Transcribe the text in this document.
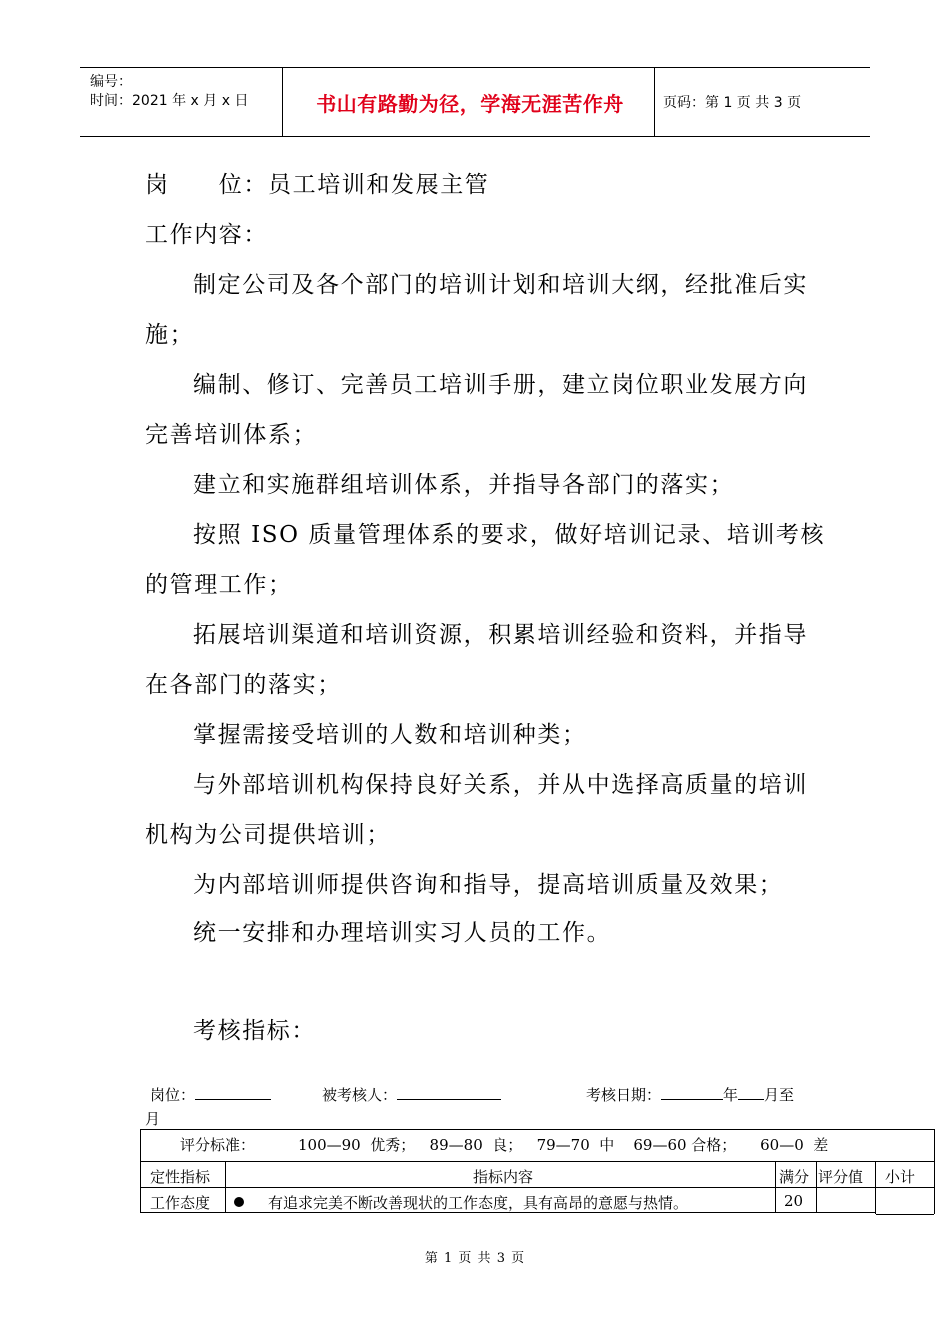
编号：
时间：2021 年 x 月 x 日	书山有路勤为径，学海无涯苦作舟	页码：第 1 页 共 3 页
岗　　位：员工培训和发展主管
工作内容：
制定公司及各个部门的培训计划和培训大纲，经批准后实
施；
编制、修订、完善员工培训手册，建立岗位职业发展方向
完善培训体系；
建立和实施群组培训体系，并指导各部门的落实；
按照 ISO 质量管理体系的要求，做好培训记录、培训考核
的管理工作；
拓展培训渠道和培训资源，积累培训经验和资料，并指导
在各部门的落实；
掌握需接受培训的人数和培训种类；
与外部培训机构保持良好关系，并从中选择高质量的培训
机构为公司提供培训；
为内部培训师提供咨询和指导，提高培训质量及效果；
统一安排和办理培训实习人员的工作。
考核指标：
岗位：	被考核人：	考核日期：	年 月至
月
评分标准：	100—90  优秀；   89—80  良；   79—70  中    69—60 合格；     60—0  差
定性指标	指标内容	满分 评分值 小计
工作态度	有追求完美不断改善现状的工作态度，具有高昂的意愿与热情。	20
第 1 页 共 3 页
